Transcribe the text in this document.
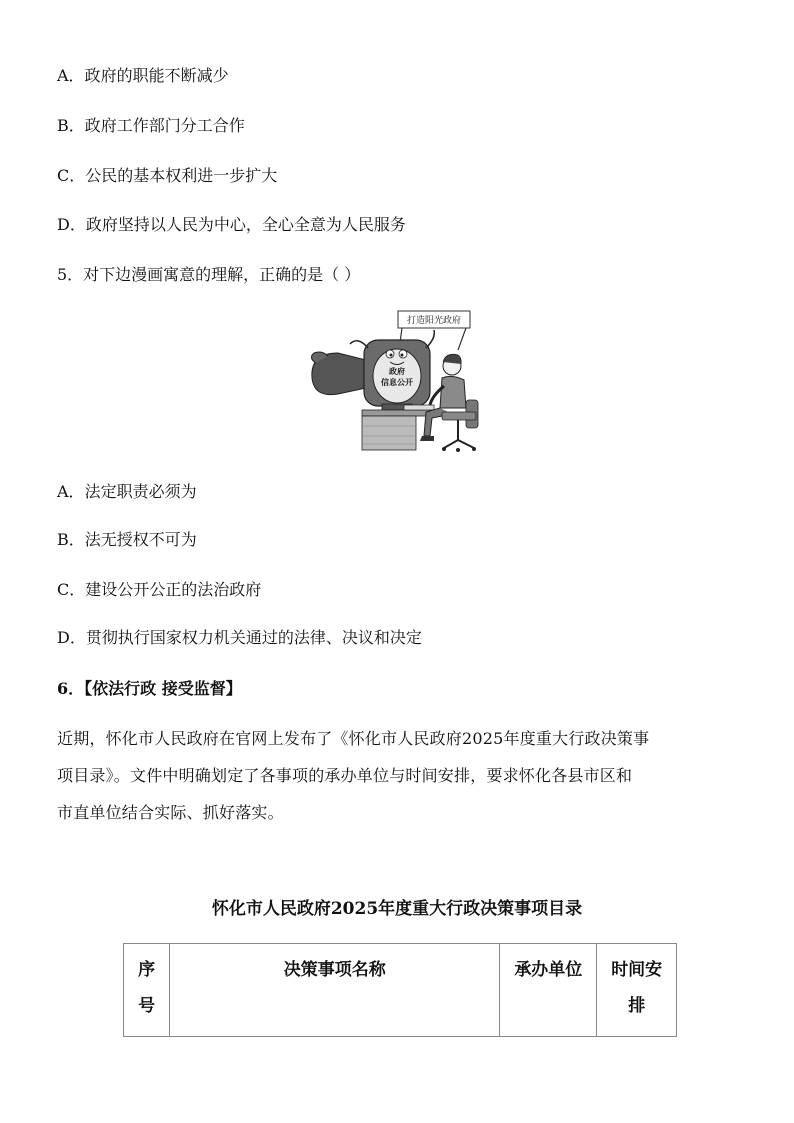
A．政府的职能不断减少
B．政府工作部门分工合作
C．公民的基本权利进一步扩大
D．政府坚持以人民为中心，全心全意为人民服务
5．对下边漫画寓意的理解，正确的是（ ）
打造阳光政府
政府
信息公开
A．法定职责必须为
B．法无授权不可为
C．建设公开公正的法治政府
D．贯彻执行国家权力机关通过的法律、决议和决定
6．【依法行政 接受监督】
近期，怀化市人民政府在官网上发布了《怀化市人民政府2025年度重大行政决策事
项目录》。文件中明确划定了各事项的承办单位与时间安排，要求怀化各县市区和
市直单位结合实际、抓好落实。
怀化市人民政府2025年度重大行政决策事项目录
序
号
	决策事项名称	承办单位	时间安
排
